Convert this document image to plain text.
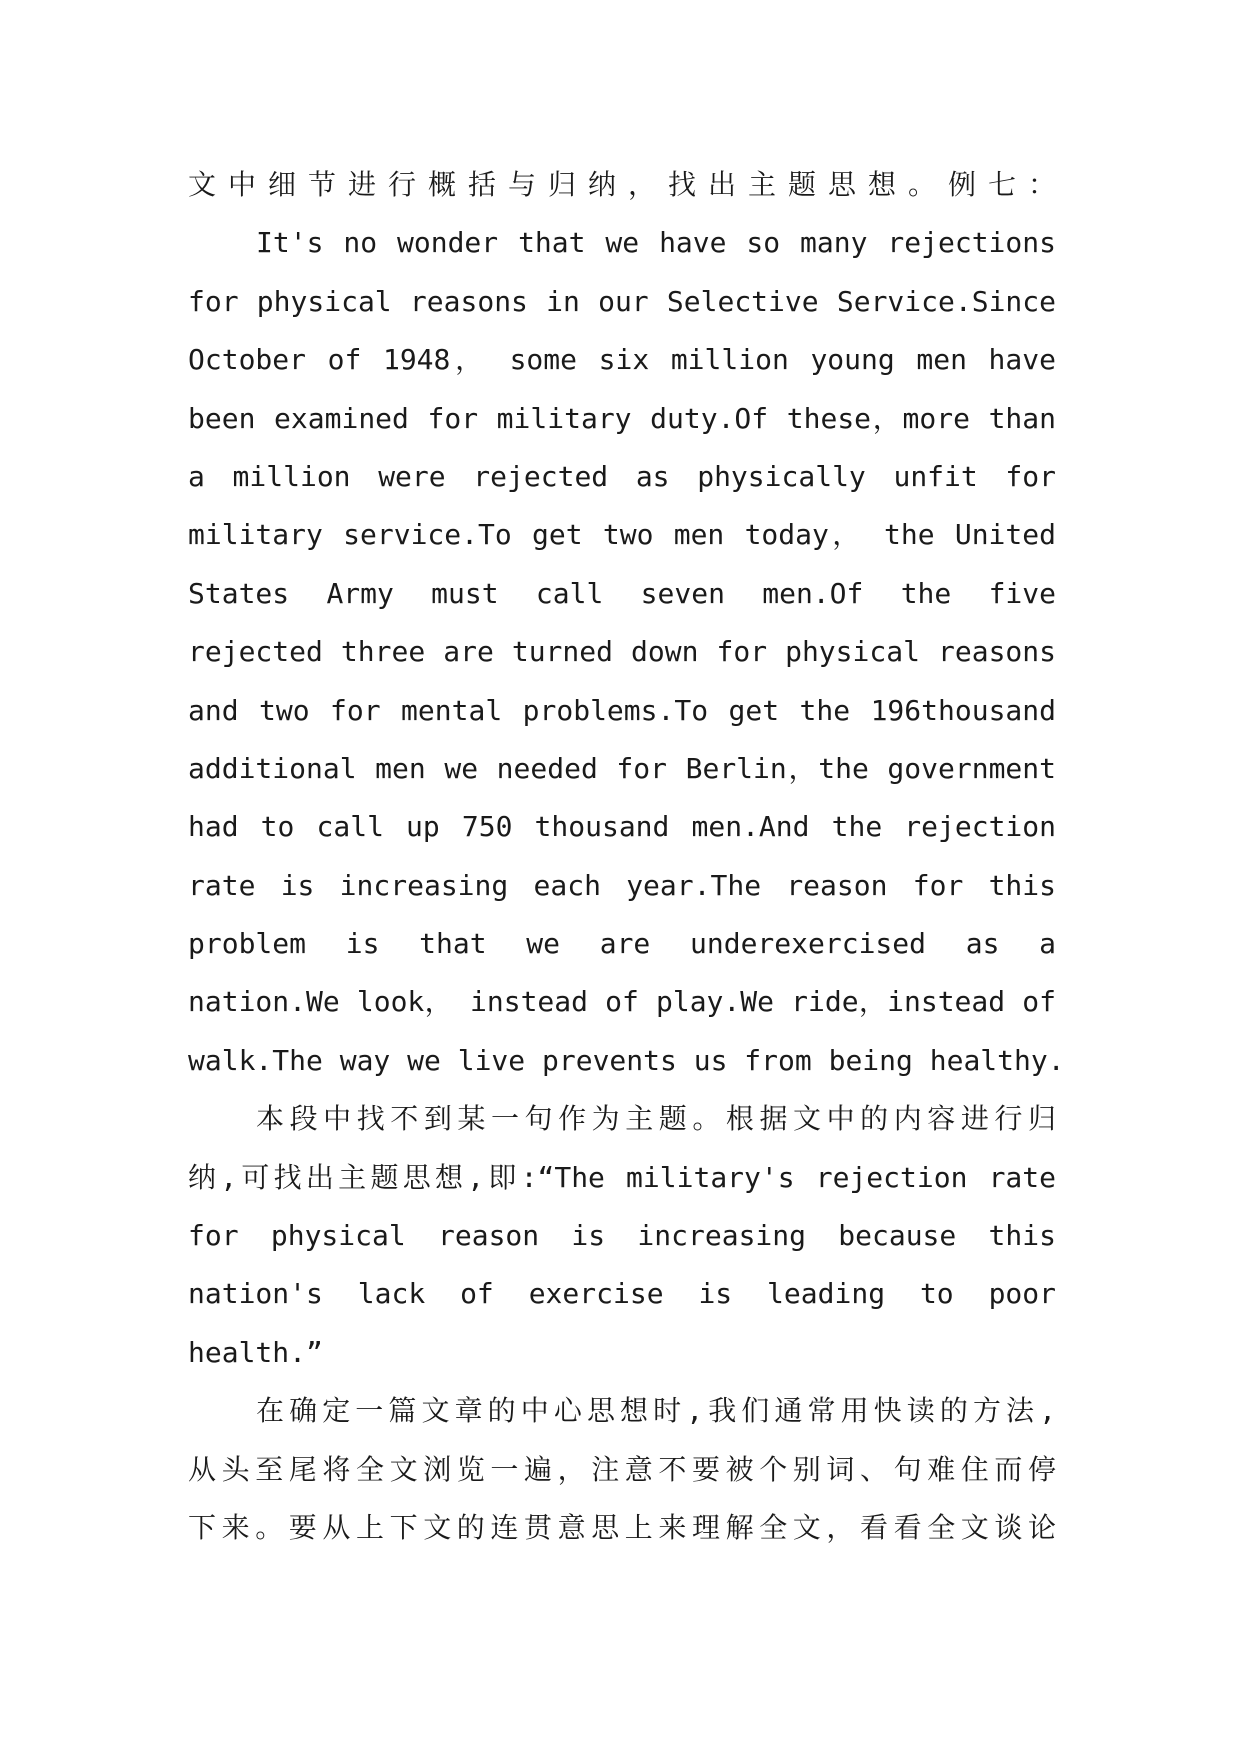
文中细节进行概括与归纳，找出主题思想。例七：
It's no wonder that we have so many rejections
for physical reasons in our Selective Service.Since
October of 1948， some six million young men have
been examined for military duty.Of these，more than
a million were rejected as physically unfit for
military service.To get two men today， the United
States Army must call seven men.Of the five
rejected three are turned down for physical reasons
and two for mental problems.To get the 196thousand
additional men we needed for Berlin，the government
had to call up 750 thousand men.And the rejection
rate is increasing each year.The reason for this
problem is that we are underexercised as a
nation.We look， instead of play.We ride，instead of
walk.The way we live prevents us from being healthy.
本段中找不到某一句作为主题。根据文中的内容进行归
纳,可找出主题思想,即:“The military's rejection rate
for physical reason is increasing because this
nation's lack of exercise is leading to poor
health.”
在确定一篇文章的中心思想时,我们通常用快读的方法,
从头至尾将全文浏览一遍，注意不要被个别词、句难住而停
下来。要从上下文的连贯意思上来理解全文，看看全文谈论
